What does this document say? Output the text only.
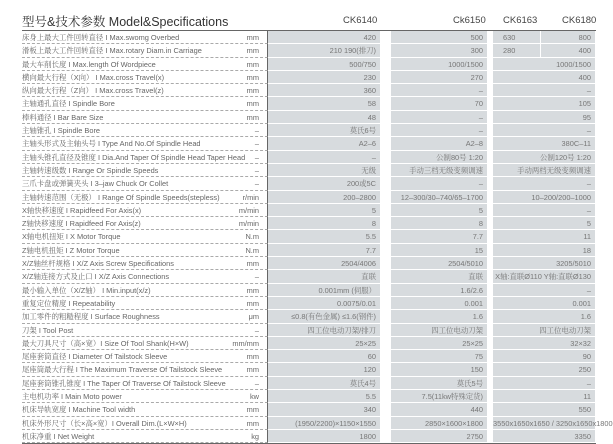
型号&技术参数 Model&Specifications	CK6140	Ck6150 CK6163	CK6180
床身上最大工件回转直径 I Max.swomg Overbed	mm	420	500	630	800
滑板上最大工件回转直径 I Max.rotary Diam.in Carriage	mm	210 190(排刀)	300	280	400
最大车削长度 I Max.length Of Wordpiece	mm	500/750	1000/1500	1000/1500
横向最大行程（X向） I Max.cross Travel(x)	mm	230	270	400
纵向最大行程（Z向） I Max.cross Travel(z)	mm	360	–	–
主轴通孔直径 I Spindle Bore	mm	58	70	105
棒料通径 I Bar Bare Size	mm	48	–	95
主轴锥孔 I Spindle Bore	–	莫氏6号	–	–
主轴头形式及主轴头号 I Type And No.Of Spindle Head	–	A2–6	A2–8	380C–11
主轴头锥孔直径及锥度 I Dia.And Taper Of Spindle Head Taper Head –	–	公制80号 1:20	公制120号 1:20
主轴转速级数 I Range Or Spindle Speeds	–	无级	手动三档无级变频调速	手动两档无级变频调速
三爪卡盘或弹簧夹头 I 3–jaw Chuck Or Collet	–	200或5C	–	–
主轴转速范围（无极） I Range Of Spindle Speeds(stepless)	r/min	200–2800	12–300/30–740/65–1700	10–200/200–1000
X轴快移速度 I Rapidfeed For Axis(x)	m/min	5	5	–
Z轴快移速度 I Rapidfeed For Axis(z)	m/min	8	8	5
X轴电机扭矩 I X Motor Torque	N.m	5.5	7.7	11
Z轴电机扭矩 I Z Motor Torque	N.m	7.7	15	18
X/Z轴丝杆规格 I X/Z Axis Screw Specifications	mm	2504/4006	2504/5010	3205/5010
X/Z轴连接方式及止口 I X/Z Axis Connections	–	直联	直联	X轴:直联Ø110 Y轴:直联Ø130
最小输入单位（X/Z轴） I Min.input(x/z)	mm	0.001mm (伺服）	1.6/2.6	–
重复定位精度 I Repeatability	mm	0.0075/0.01	0.001	0.001
加工零件的粗糙程度 I Surface Roughness	μm	≤0.8(有色金属) ≤1.6(钢件)	1.6	1.6
刀架 I Tool Post	–	四工位电动刀架/排刀	四工位电动刀架	四工位电动刀架
最大刀具尺寸（高×宽）I Size Of Tool Shank(H×W)	mm/mm	25×25	25×25	32×32
尾座套筒直径 I Diameter Of Tailstock Sleeve	mm	60	75	90
尾座筒最大行程 I The Maximum Traverse Of Tailstock Sleeve	mm	120	150	250
尾座套筒锥孔锥度 I The Taper Of Traverse Of Tailstock Sleeve	–	莫氏4号	莫氏5号	–
主电机功率 I Main Moto power	kw	5.5	7.5(11kw特殊定货)	11
机床导轨宽度 I Machine Tool width	mm	340	440	550
机床外形尺寸（长×高×宽）I Overall Dim.(L×W×H)	mm	(1950/2200)×1150×1550	2850×1600×1800	3550x1650x1650 / 3250x1650x1800
机床净重 I Net Weight	kg	1800	2750	3350
